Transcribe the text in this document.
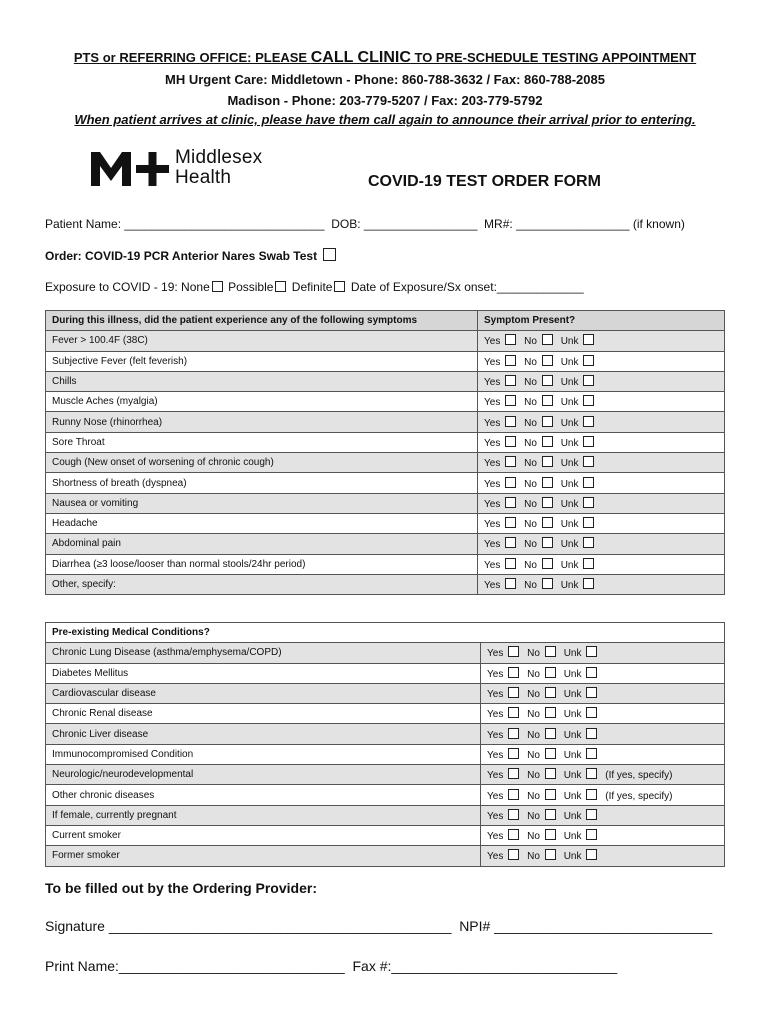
PTS or REFERRING OFFICE: PLEASE CALL CLINIC TO PRE-SCHEDULE TESTING APPOINTMENT
MH Urgent Care: Middletown - Phone: 860-788-3632 / Fax: 860-788-2085
Madison - Phone: 203-779-5207 / Fax: 203-779-5792
When patient arrives at clinic, please have them call again to announce their arrival prior to entering.
Middlesex
Health	COVID-19 TEST ORDER FORM
Patient Name: ______________________________  DOB: _________________  MR#: _________________ (if known)
Order: COVID-19 PCR Anterior Nares Swab Test
Exposure to COVID - 19: None Possible Definite Date of Exposure/Sx onset:_____________
During this illness, did the patient experience any of the following symptoms	Symptom Present?
Fever > 100.4F (38C)	Yes No Unk
Subjective Fever (felt feverish)	Yes No Unk
Chills	Yes No Unk
Muscle Aches (myalgia)	Yes No Unk
Runny Nose (rhinorrhea)	Yes No Unk
Sore Throat	Yes No Unk
Cough (New onset of worsening of chronic cough)	Yes No Unk
Shortness of breath (dyspnea)	Yes No Unk
Nausea or vomiting	Yes No Unk
Headache	Yes No Unk
Abdominal pain	Yes No Unk
Diarrhea (≥3 loose/looser than normal stools/24hr period)	Yes No Unk
Other, specify:	Yes No Unk
Pre-existing Medical Conditions?	
Chronic Lung Disease (asthma/emphysema/COPD)	Yes No Unk
Diabetes Mellitus	Yes No Unk
Cardiovascular disease	Yes No Unk
Chronic Renal disease	Yes No Unk
Chronic Liver disease	Yes No Unk
Immunocompromised Condition	Yes No Unk
Neurologic/neurodevelopmental	Yes No Unk (If yes, specify)
Other chronic diseases	Yes No Unk (If yes, specify)
If female, currently pregnant	Yes No Unk
Current smoker	Yes No Unk
Former smoker	Yes No Unk
To be filled out by the Ordering Provider:
Signature ____________________________________________  NPI# ____________________________
Print Name:_____________________________  Fax #:_____________________________
